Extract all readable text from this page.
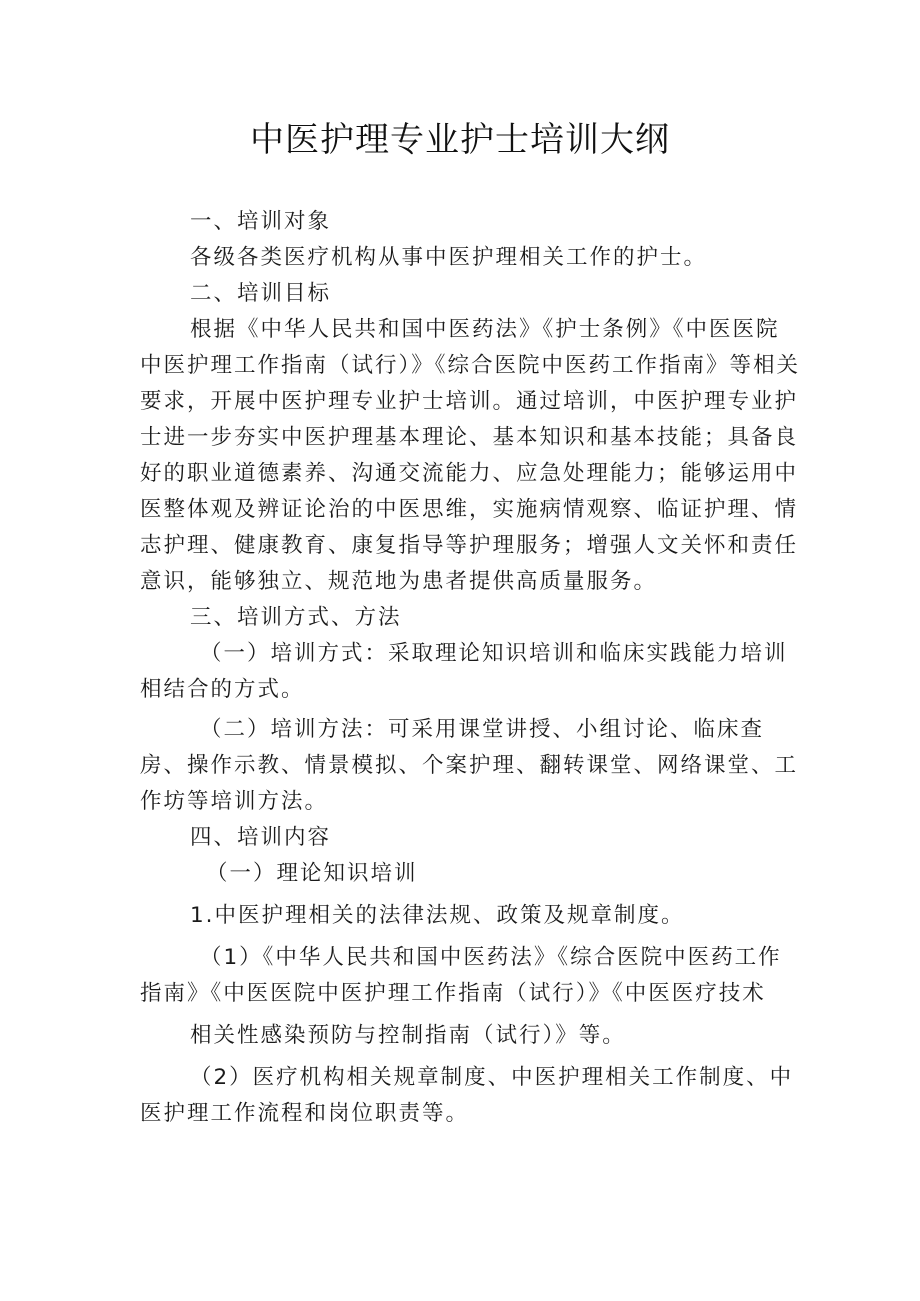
中医护理专业护士培训大纲

一、培训对象

各级各类医疗机构从事中医护理相关工作的护士。

二、培训目标

根据《中华人民共和国中医药法》《护士条例》《中医医院中医护理工作指南（试行）》《综合医院中医药工作指南》等相关要求，开展中医护理专业护士培训。通过培训，中医护理专业护士进一步夯实中医护理基本理论、基本知识和基本技能；具备良好的职业道德素养、沟通交流能力、应急处理能力；能够运用中医整体观及辨证论治的中医思维，实施病情观察、临证护理、情志护理、健康教育、康复指导等护理服务；增强人文关怀和责任意识，能够独立、规范地为患者提供高质量服务。

三、培训方式、方法

（一）培训方式：采取理论知识培训和临床实践能力培训相结合的方式。

（二）培训方法：可采用课堂讲授、小组讨论、临床查房、操作示教、情景模拟、个案护理、翻转课堂、网络课堂、工作坊等培训方法。

四、培训内容

（一）理论知识培训

1.中医护理相关的法律法规、政策及规章制度。

（1）《中华人民共和国中医药法》《综合医院中医药工作指南》《中医医院中医护理工作指南（试行）》《中医医疗技术

相关性感染预防与控制指南（试行）》等。

（2）医疗机构相关规章制度、中医护理相关工作制度、中医护理工作流程和岗位职责等。
